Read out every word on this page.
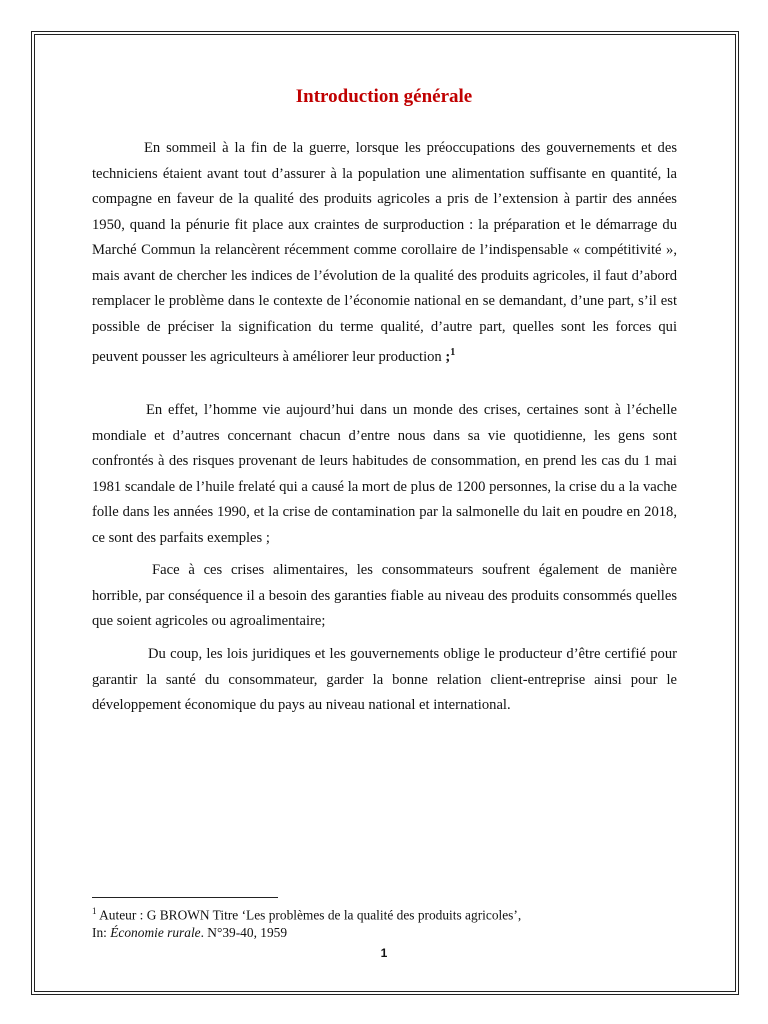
Introduction générale

En sommeil à la fin de la guerre, lorsque les préoccupations des gouvernements et des techniciens étaient avant tout d’assurer à la population une alimentation suffisante en quantité, la compagne en faveur de la qualité des produits agricoles a pris de l’extension à partir des années 1950, quand la pénurie fit place aux craintes de surproduction : la préparation et le démarrage du Marché Commun la relancèrent récemment comme corollaire de l’indispensable « compétitivité », mais avant de chercher les indices de l’évolution de la qualité des produits agricoles, il faut d’abord remplacer le problème dans le contexte de l’économie national en se demandant, d’une part, s’il est possible de préciser la signification du terme qualité, d’autre part, quelles sont les forces qui peuvent pousser les agriculteurs à améliorer leur production ;$^1$

En effet, l’homme vie aujourd’hui dans un monde des crises, certaines sont à l’échelle mondiale et d’autres concernant chacun d’entre nous dans sa vie quotidienne, les gens sont confrontés à des risques provenant de leurs habitudes de consommation, en prend les cas du 1 mai 1981 scandale de l’huile frelaté qui a causé la mort de plus de 1200 personnes, la crise du a la vache folle dans les années 1990, et la crise de contamination par la salmonelle du lait en poudre en 2018, ce sont des parfaits exemples ;

Face à ces crises alimentaires, les consommateurs soufrent également de manière horrible, par conséquence il a besoin des garanties fiable au niveau des produits consommés quelles que soient agricoles ou agroalimentaire;

Du coup, les lois juridiques et les gouvernements oblige le producteur d’être certifié pour garantir la santé du consommateur, garder la bonne relation client-entreprise ainsi pour le développement économique du pays au niveau national et international.

$^1$ Auteur : G BROWN Titre ‘Les problèmes de la qualité des produits agricoles’,
In: Économie rurale. N°39-40, 1959
1
